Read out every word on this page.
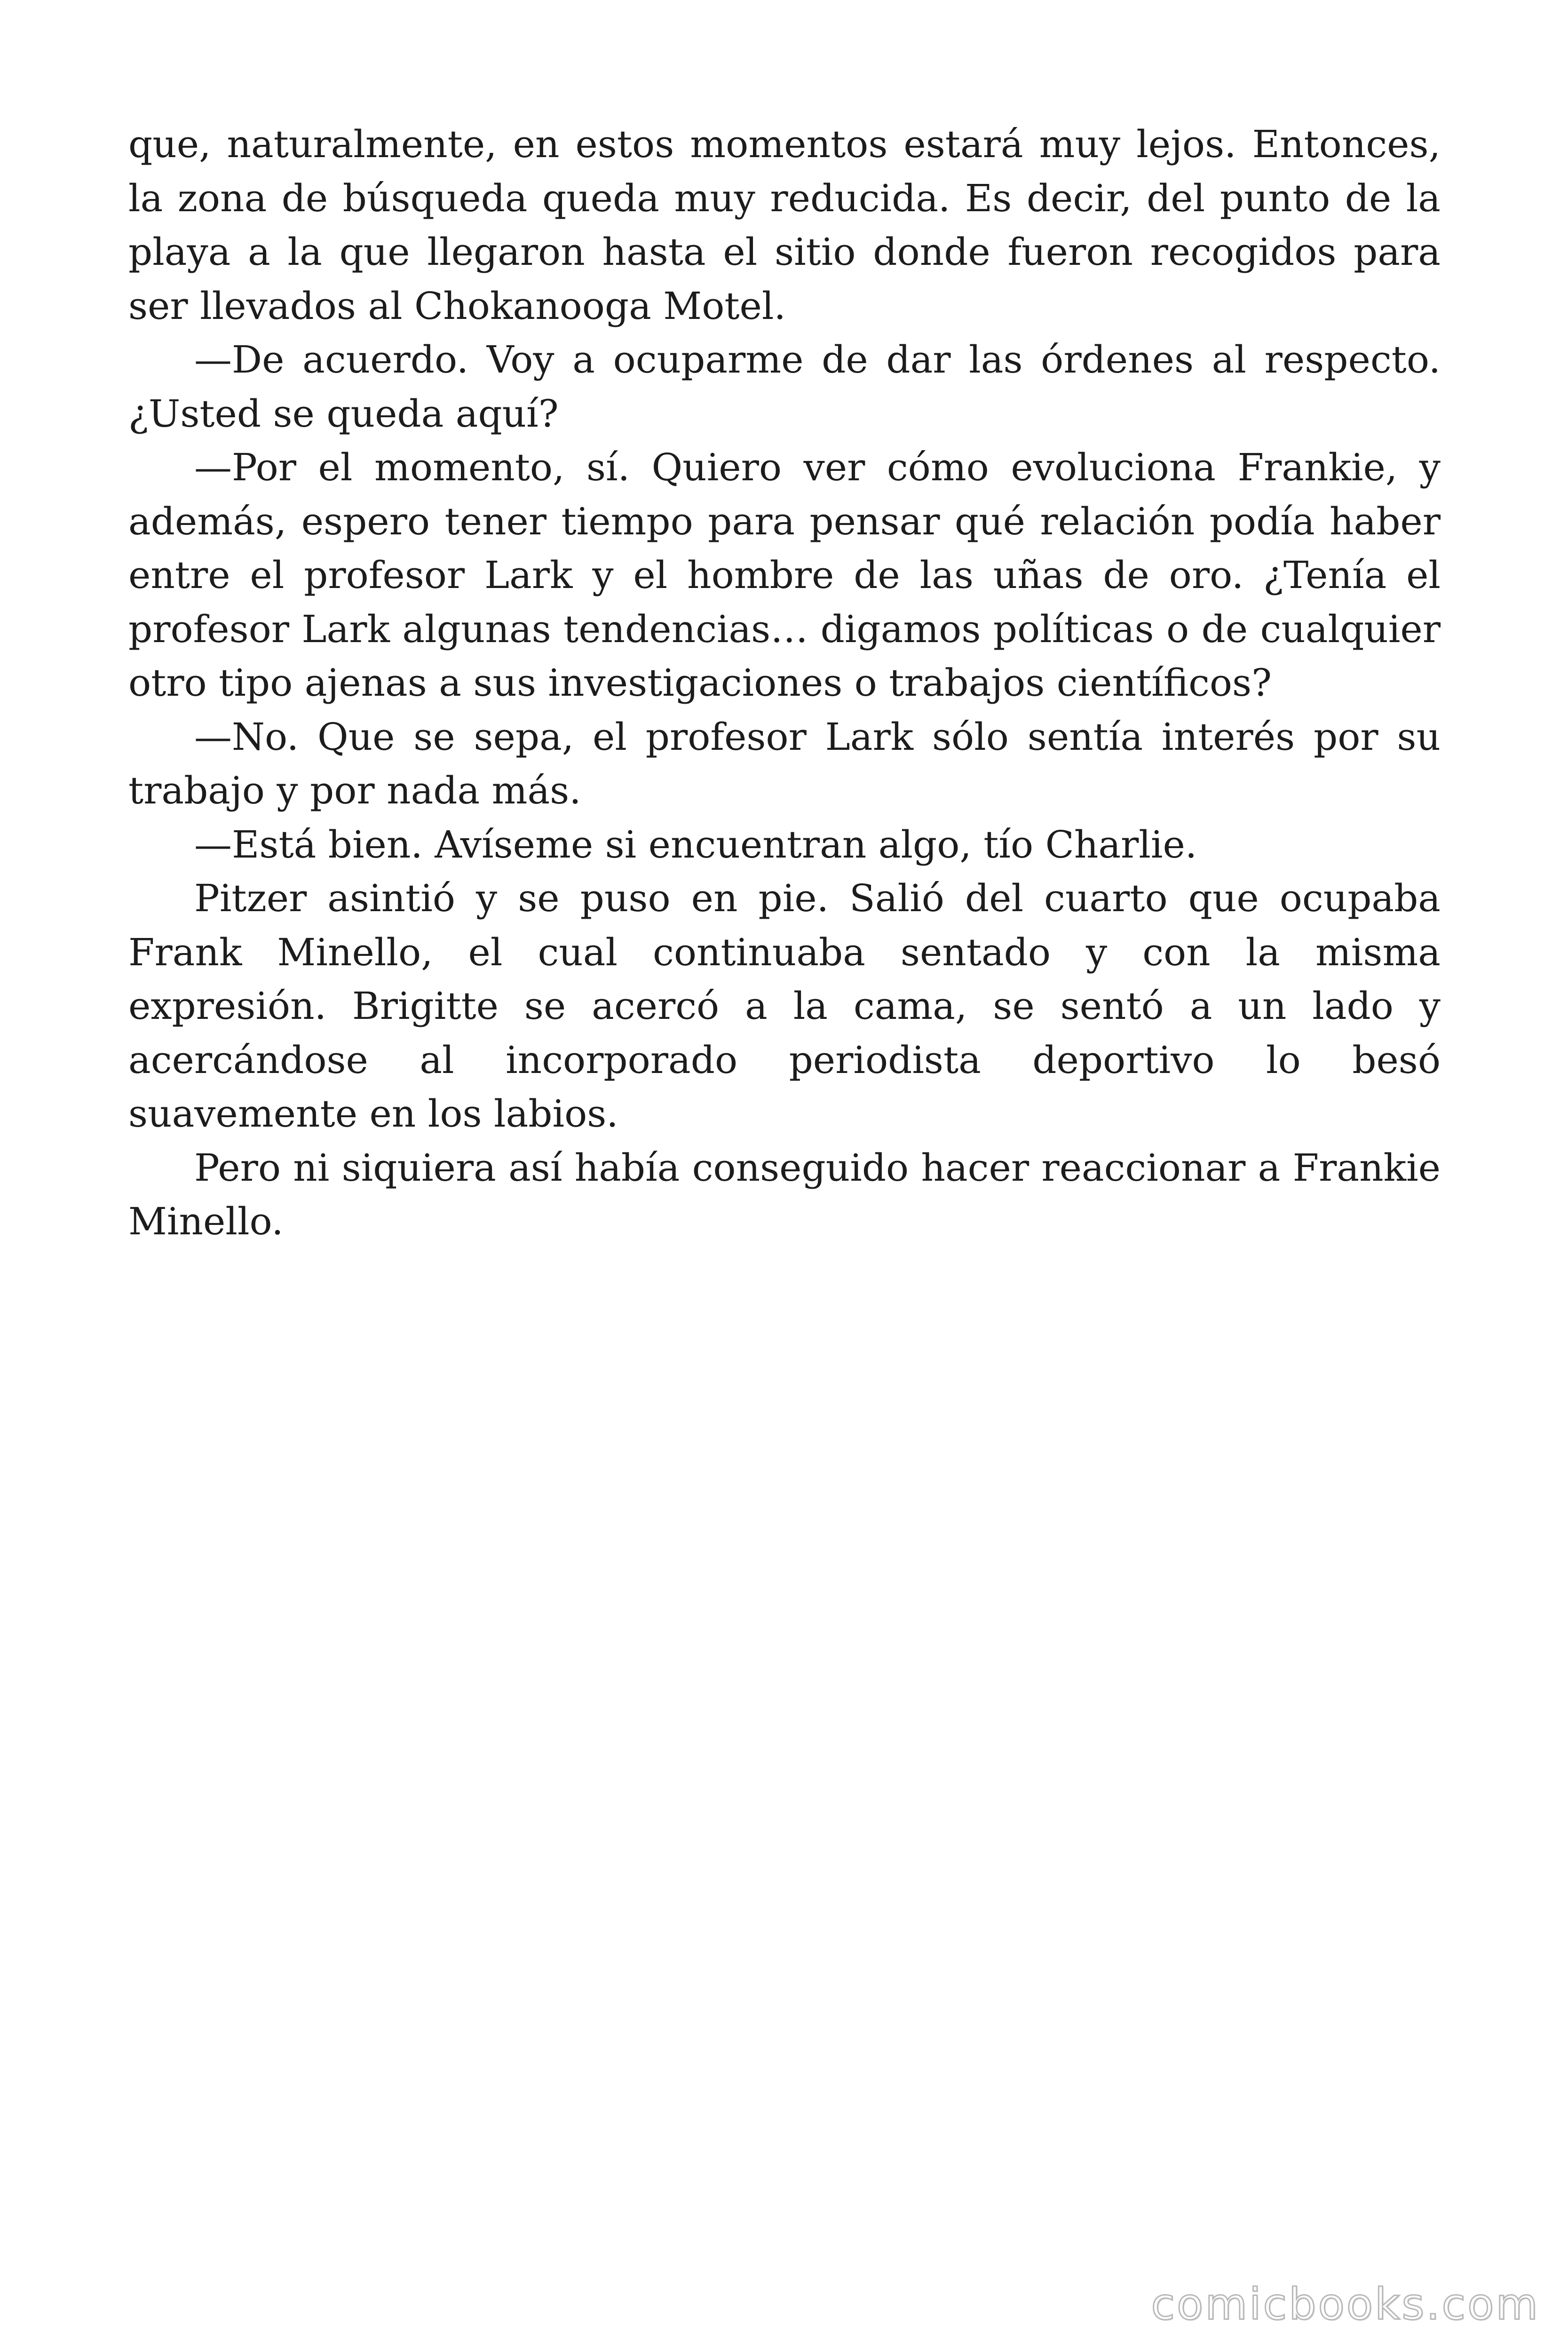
que, naturalmente, en estos momentos estará muy lejos. Entonces, la zona de búsqueda queda muy reducida. Es decir, del punto de la playa a la que llegaron hasta el sitio donde fueron recogidos para ser llevados al Chokanooga Motel.

—De acuerdo. Voy a ocuparme de dar las órdenes al respecto. ¿Usted se queda aquí?

—Por el momento, sí. Quiero ver cómo evoluciona Frankie, y además, espero tener tiempo para pensar qué relación podía haber entre el profesor Lark y el hombre de las uñas de oro. ¿Tenía el profesor Lark algunas tendencias… digamos políticas o de cualquier otro tipo ajenas a sus investigaciones o trabajos científicos?

—No. Que se sepa, el profesor Lark sólo sentía interés por su trabajo y por nada más.

—Está bien. Avíseme si encuentran algo, tío Charlie.

Pitzer asintió y se puso en pie. Salió del cuarto que ocupaba Frank Minello, el cual continuaba sentado y con la misma expresión. Brigitte se acercó a la cama, se sentó a un lado y acercándose al incorporado periodista deportivo lo besó suavemente en los labios.

Pero ni siquiera así había conseguido hacer reaccionar a Frankie Minello.

comicbooks.com
